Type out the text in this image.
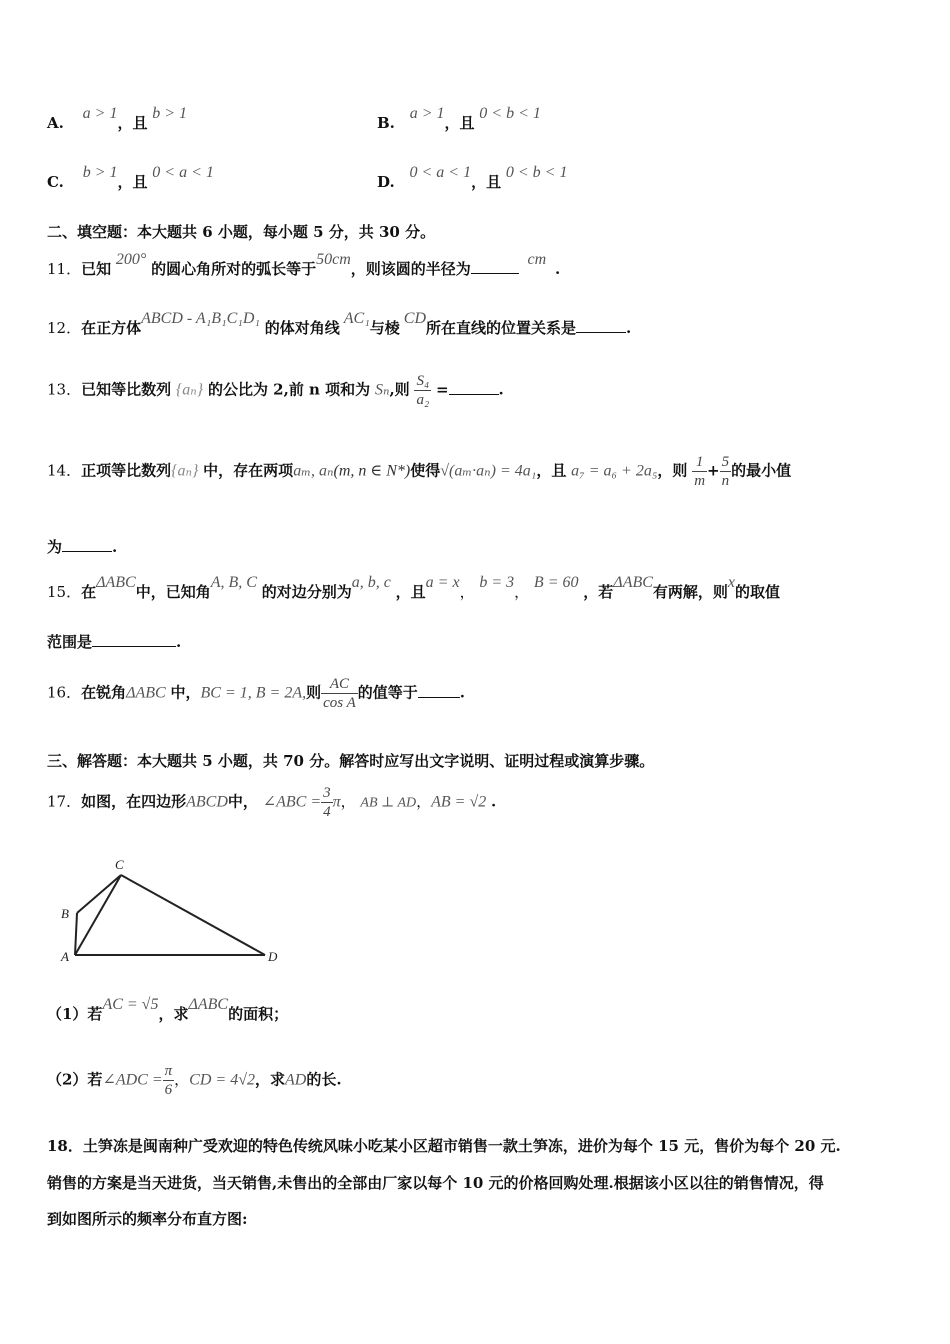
A. a > 1，且 b > 1
B. a > 1，且 0 < b < 1
C. b > 1，且 0 < a < 1
D. 0 < a < 1，且 0 < b < 1
二、填空题：本大题共 6 小题，每小题 5 分，共 30 分。
11．已知 200° 的圆心角所对的弧长等于50cm，则该圆的半径为 cm .
12．在正方体ABCD - A₁B₁C₁D₁ 的体对角线AC₁与棱CD所在直线的位置关系是	.
13．已知等比数列 {aₙ} 的公比为 2,前 n 项和为 Sₙ,则 $\frac{\text{S₄}}{\text{a₂}}$ =	.
14．正项等比数列{aₙ} 中，存在两项aₘ, aₙ(m, n ∈ N*)使得√(aₘ·aₙ) = 4a₁，且 a₇ = a₆ + 2a₅，则 $\frac{1}{m} + \frac{5}{n}$ 的最小值
为	.
15．在ΔABC中，已知角A, B, C 的对边分别为a, b, c ，且a = x， b = 3， B = 60 ，若ΔABC有两解，则x的取值
范围是	.
16．在锐角ΔABC 中，BC = 1, B = 2A,则 $\frac{AC}{\text{cos A}}$ 的值等于	.
三、解答题：本大题共 5 小题，共 70 分。解答时应写出文字说明、证明过程或演算步骤。
17．如图，在四边形ABCD中， ∠ABC = $\frac{3}{4}$ π， AB ⊥ AD，AB = √2 .
C
B
A	D
（1）若AC = √5，求ΔABC的面积；
（2）若∠ADC = $\frac{\pi}{6}$ ，CD = 4√2，求AD的长.
18．土笋冻是闽南种广受欢迎的特色传统风味小吃某小区超市销售一款土笋冻，进价为每个 15 元，售价为每个 20 元.
销售的方案是当天进货，当天销售,未售出的全部由厂家以每个 10 元的价格回购处理.根据该小区以往的销售情况，得
到如图所示的频率分布直方图:
